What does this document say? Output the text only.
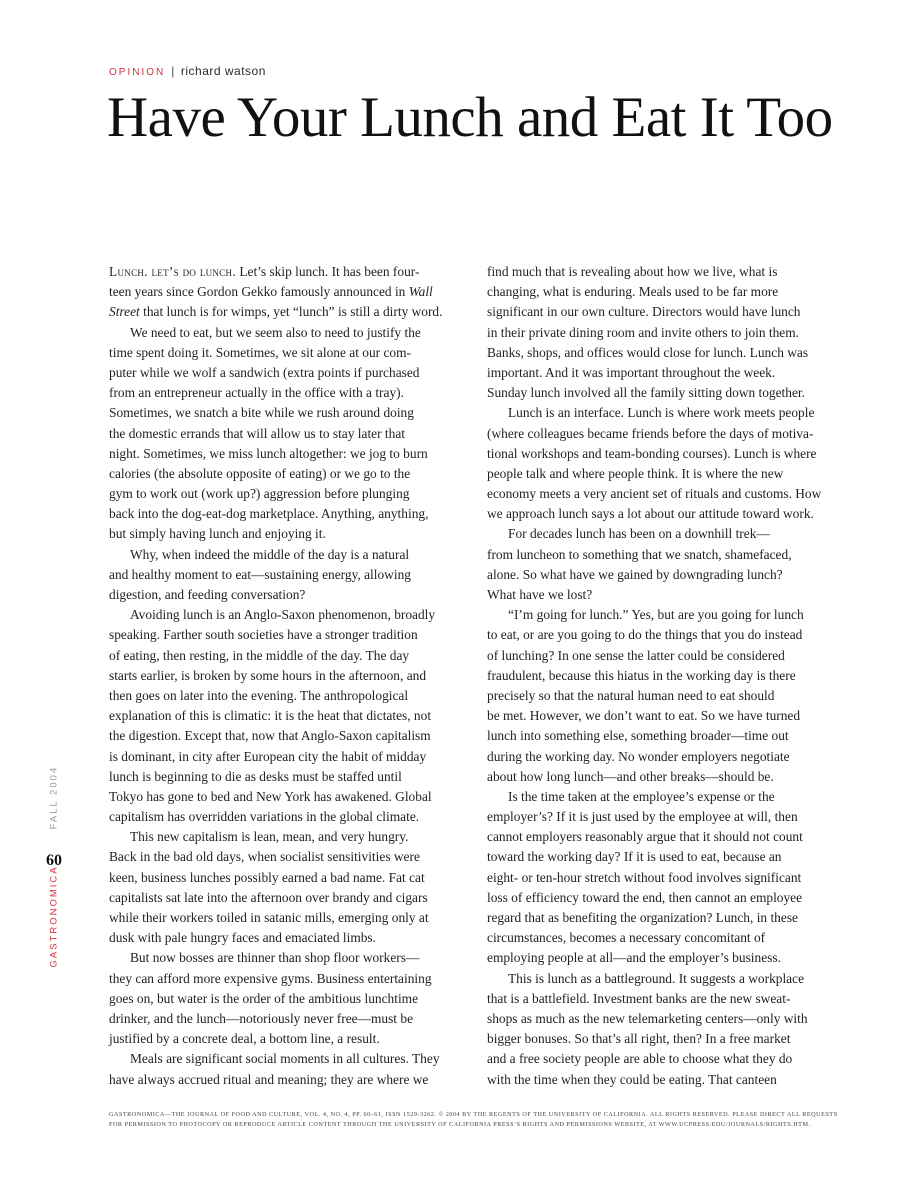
OPINION | richard watson
Have Your Lunch and Eat It Too
GASTRONOMICAFALL 2004
60
Lunch. let’s do lunch. Let’s skip lunch. It has been four-
teen years since Gordon Gekko famously announced in Wall
Street that lunch is for wimps, yet “lunch” is still a dirty word.
We need to eat, but we seem also to need to justify the
time spent doing it. Sometimes, we sit alone at our com-
puter while we wolf a sandwich (extra points if purchased
from an entrepreneur actually in the office with a tray).
Sometimes, we snatch a bite while we rush around doing
the domestic errands that will allow us to stay later that
night. Sometimes, we miss lunch altogether: we jog to burn
calories (the absolute opposite of eating) or we go to the
gym to work out (work up?) aggression before plunging
back into the dog-eat-dog marketplace. Anything, anything,
but simply having lunch and enjoying it.
Why, when indeed the middle of the day is a natural
and healthy moment to eat—sustaining energy, allowing
digestion, and feeding conversation?
Avoiding lunch is an Anglo-Saxon phenomenon, broadly
speaking. Farther south societies have a stronger tradition
of eating, then resting, in the middle of the day. The day
starts earlier, is broken by some hours in the afternoon, and
then goes on later into the evening. The anthropological
explanation of this is climatic: it is the heat that dictates, not
the digestion. Except that, now that Anglo-Saxon capitalism
is dominant, in city after European city the habit of midday
lunch is beginning to die as desks must be staffed until
Tokyo has gone to bed and New York has awakened. Global
capitalism has overridden variations in the global climate.
This new capitalism is lean, mean, and very hungry.
Back in the bad old days, when socialist sensitivities were
keen, business lunches possibly earned a bad name. Fat cat
capitalists sat late into the afternoon over brandy and cigars
while their workers toiled in satanic mills, emerging only at
dusk with pale hungry faces and emaciated limbs.
But now bosses are thinner than shop floor workers—
they can afford more expensive gyms. Business entertaining
goes on, but water is the order of the ambitious lunchtime
drinker, and the lunch—notoriously never free—must be
justified by a concrete deal, a bottom line, a result.
Meals are significant social moments in all cultures. They
have always accrued ritual and meaning; they are where we
find much that is revealing about how we live, what is
changing, what is enduring. Meals used to be far more
significant in our own culture. Directors would have lunch
in their private dining room and invite others to join them.
Banks, shops, and offices would close for lunch. Lunch was
important. And it was important throughout the week.
Sunday lunch involved all the family sitting down together.
Lunch is an interface. Lunch is where work meets people
(where colleagues became friends before the days of motiva-
tional workshops and team-bonding courses). Lunch is where
people talk and where people think. It is where the new
economy meets a very ancient set of rituals and customs. How
we approach lunch says a lot about our attitude toward work.
For decades lunch has been on a downhill trek—
from luncheon to something that we snatch, shamefaced,
alone. So what have we gained by downgrading lunch?
What have we lost?
“I’m going for lunch.” Yes, but are you going for lunch
to eat, or are you going to do the things that you do instead
of lunching? In one sense the latter could be considered
fraudulent, because this hiatus in the working day is there
precisely so that the natural human need to eat should
be met. However, we don’t want to eat. So we have turned
lunch into something else, something broader—time out
during the working day. No wonder employers negotiate
about how long lunch—and other breaks—should be.
Is the time taken at the employee’s expense or the
employer’s? If it is just used by the employee at will, then
cannot employers reasonably argue that it should not count
toward the working day? If it is used to eat, because an
eight- or ten-hour stretch without food involves significant
loss of efficiency toward the end, then cannot an employee
regard that as benefiting the organization? Lunch, in these
circumstances, becomes a necessary concomitant of
employing people at all—and the employer’s business.
This is lunch as a battleground. It suggests a workplace
that is a battlefield. Investment banks are the new sweat-
shops as much as the new telemarketing centers—only with
bigger bonuses. So that’s all right, then? In a free market
and a free society people are able to choose what they do
with the time when they could be eating. That canteen
GASTRONOMICA—THE JOURNAL OF FOOD AND CULTURE, VOL. 4, NO. 4, PP. 60–61, ISSN 1529-3262. © 2004 BY THE REGENTS OF THE UNIVERSITY OF CALIFORNIA. ALL RIGHTS RESERVED. PLEASE DIRECT ALL REQUESTS
FOR PERMISSION TO PHOTOCOPY OR REPRODUCE ARTICLE CONTENT THROUGH THE UNIVERSITY OF CALIFORNIA PRESS’S RIGHTS AND PERMISSIONS WEBSITE, AT WWW.UCPRESS.EDU/JOURNALS/RIGHTS.HTM.
